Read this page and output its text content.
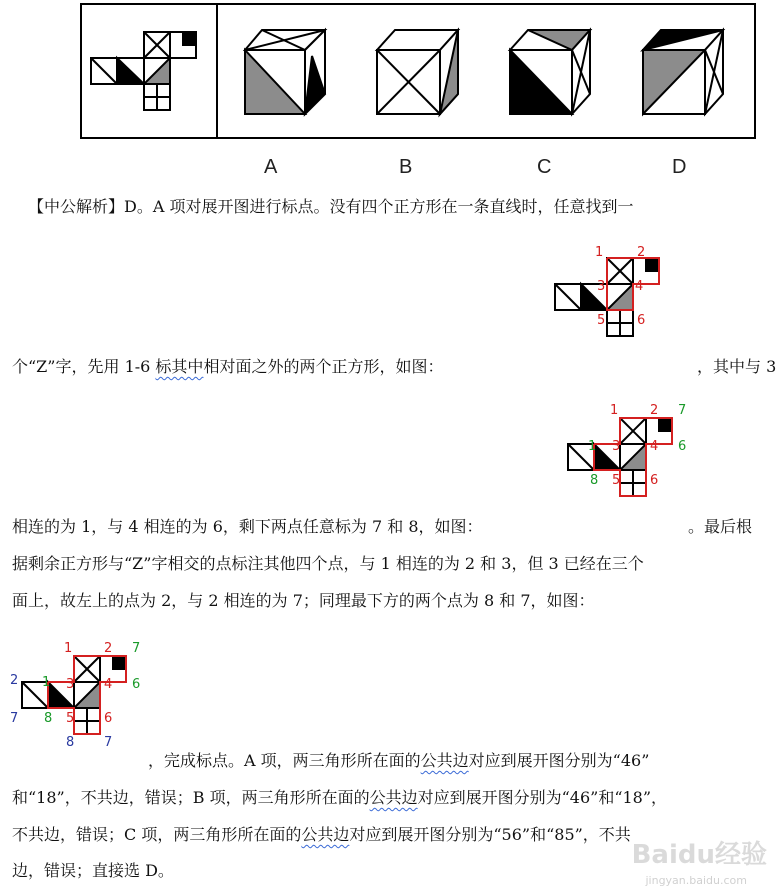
A	B	C	D
【中公解析】D。A 项对展开图进行标点。没有四个正方形在一条直线时，任意找到一
个“Z”字，先用 1-6 标其中相对面之外的两个正方形，如图：	，其中与 3
相连的为 1，与 4 相连的为 6，剩下两点任意标为 7 和 8，如图：	。最后根
据剩余正方形与“Z”字相交的点标注其他四个点，与 1 相连的为 2 和 3，但 3 已经在三个
面上，故左上的点为 2，与 2 相连的为 7；同理最下方的两个点为 8 和 7，如图：
，完成标点。A 项，两三角形所在面的公共边对应到展开图分别为“46”
和“18”，不共边，错误；B 项，两三角形所在面的公共边对应到展开图分别为“46”和“18”，
不共边，错误；C 项，两三角形所在面的公共边对应到展开图分别为“56”和“85”，不共
边，错误；直接选 D。
1	2
3 4
5 6
1 2 7
3 4 6
1
8 5 6
1 2 7
2 1 3 4 6
7 8 5 6
8 7
Baidu经验
jingyan.baidu.com
